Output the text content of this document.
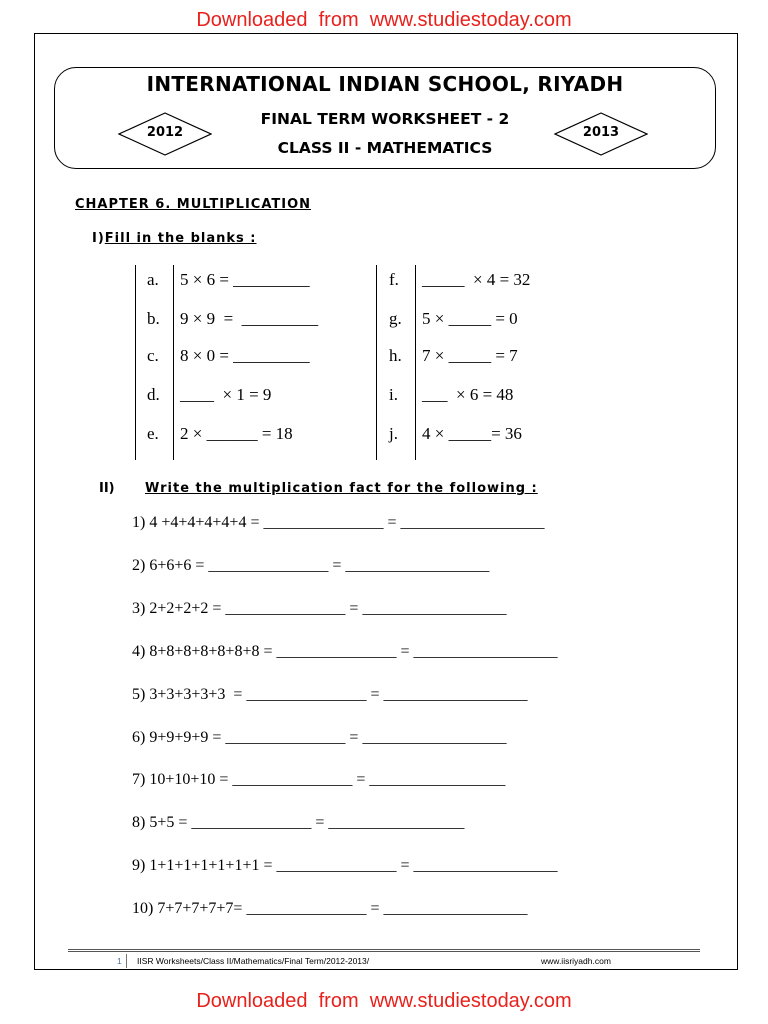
Downloaded  from  www.studiestoday.com
Downloaded  from  www.studiestoday.com
INTERNATIONAL INDIAN SCHOOL, RIYADH
FINAL TERM WORKSHEET - 2
CLASS II - MATHEMATICS
2012	2013
CHAPTER 6. MULTIPLICATION
I)Fill in the blanks :
a. 5 × 6 = _________
b. 9 × 9  =  _________
c. 8 × 0 = _________
d. ____  × 1 = 9
e. 2 × ______ = 18
f. _____  × 4 = 32
g. 5 × _____ = 0
h. 7 × _____ = 7
i. ___  × 6 = 48
j. 4 × _____= 36
II) Write the multiplication fact for the following :
1) 4 +4+4+4+4+4 = _______________ = __________________
2) 6+6+6 = _______________ = __________________
3) 2+2+2+2 = _______________ = __________________
4) 8+8+8+8+8+8+8 = _______________ = __________________
5) 3+3+3+3+3  = _______________ = __________________
6) 9+9+9+9 = _______________ = __________________
7) 10+10+10 = _______________ = _________________
8) 5+5 = _______________ = _________________
9) 1+1+1+1+1+1+1 = _______________ = __________________
10) 7+7+7+7+7= _______________ = __________________
1 IISR Worksheets/Class II/Mathematics/Final Term/2012-2013/	www.iisriyadh.com
